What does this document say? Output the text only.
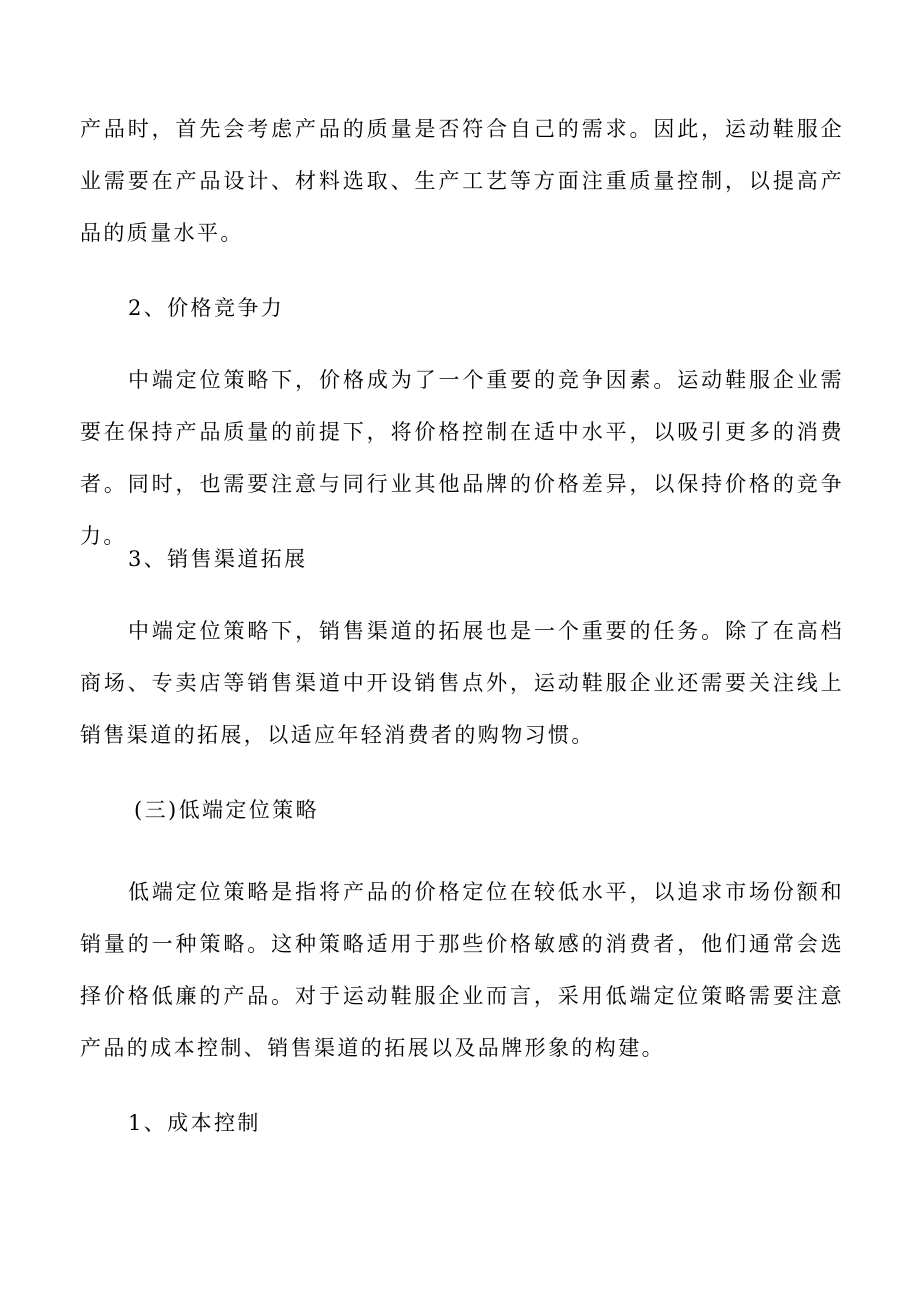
产品时，首先会考虑产品的质量是否符合自己的需求。因此，运动鞋服企业需要在产品设计、材料选取、生产工艺等方面注重质量控制，以提高产品的质量水平。

2、价格竞争力

中端定位策略下，价格成为了一个重要的竞争因素。运动鞋服企业需要在保持产品质量的前提下，将价格控制在适中水平，以吸引更多的消费者。同时，也需要注意与同行业其他品牌的价格差异，以保持价格的竞争力。

3、销售渠道拓展

中端定位策略下，销售渠道的拓展也是一个重要的任务。除了在高档商场、专卖店等销售渠道中开设销售点外，运动鞋服企业还需要关注线上销售渠道的拓展，以适应年轻消费者的购物习惯。

(三)低端定位策略

低端定位策略是指将产品的价格定位在较低水平，以追求市场份额和销量的一种策略。这种策略适用于那些价格敏感的消费者，他们通常会选择价格低廉的产品。对于运动鞋服企业而言，采用低端定位策略需要注意产品的成本控制、销售渠道的拓展以及品牌形象的构建。

1、成本控制
